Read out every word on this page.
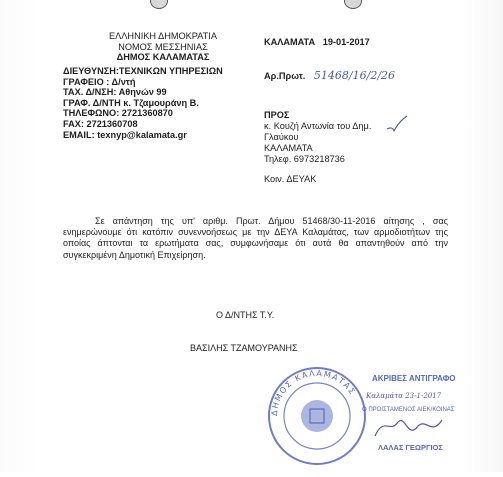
ΕΛΛΗΝΙΚΗ ΔΗΜΟΚΡΑΤΙΑ
ΝΟΜΟΣ ΜΕΣΣΗΝΙΑΣ
ΔΗΜΟΣ ΚΑΛΑΜΑΤΑΣ
ΔΙΕΥΘΥΝΣΗ:ΤΕΧΝΙΚΩΝ ΥΠΗΡΕΣΙΩΝ
ΓΡΑΦΕΙΟ : Δ/ντή
ΤΑΧ. Δ/ΝΣΗ: Αθηνών 99
ΓΡΑΦ. Δ/ΝΤΗ κ. Τζαμουράνη Β.
ΤΗΛΕΦΩΝΟ: 2721360870
FAX: 2721360708
EMAIL: texnyp@kalamata.gr
ΚΑΛΑΜΑΤΑ   19-01-2017
Αρ.Πρωτ. 51468/16/2/26
ΠΡΟΣ
κ. Κουζή Αντωνία του Δημ.
Γλαύκου
ΚΑΛΑΜΑΤΑ
Τηλεφ. 6973218736
Κοιν. ΔΕΥΑΚ
Σε απάντηση της υπ' αριθμ. Πρωτ. Δήμου 51468/30-11-2016 αίτησης , σας ενημερώνουμε ότι κατόπιν συνεννοήσεως με την ΔΕΥΑ Καλαμάτας, των αρμοδιοτήτων της οποίας άπτονται τα ερωτήματα σας, συμφωνήσαμε ότι αυτά θα απαντηθούν από την συγκεκριμένη Δημοτική Επιχείρηση.
Ο Δ/ΝΤΗΣ Τ.Υ.
ΒΑΣΙΛΗΣ ΤΖΑΜΟΥΡΑΝΗΣ
ΔΗΜΟΣ ΚΑΛΑΜΑΤΑΣ
ΑΚΡΙΒΕΣ ΑΝΤΙΓΡΑΦΟ
Καλαμάτα 23-1-2017
Ο ΠΡΟΙΣΤΑΜΕΝΟΣ ΑΙΕΚ/ΚΟΙΝΑΣ
ΛΑΛΑΣ ΓΕΩΡΓΙΟΣ
